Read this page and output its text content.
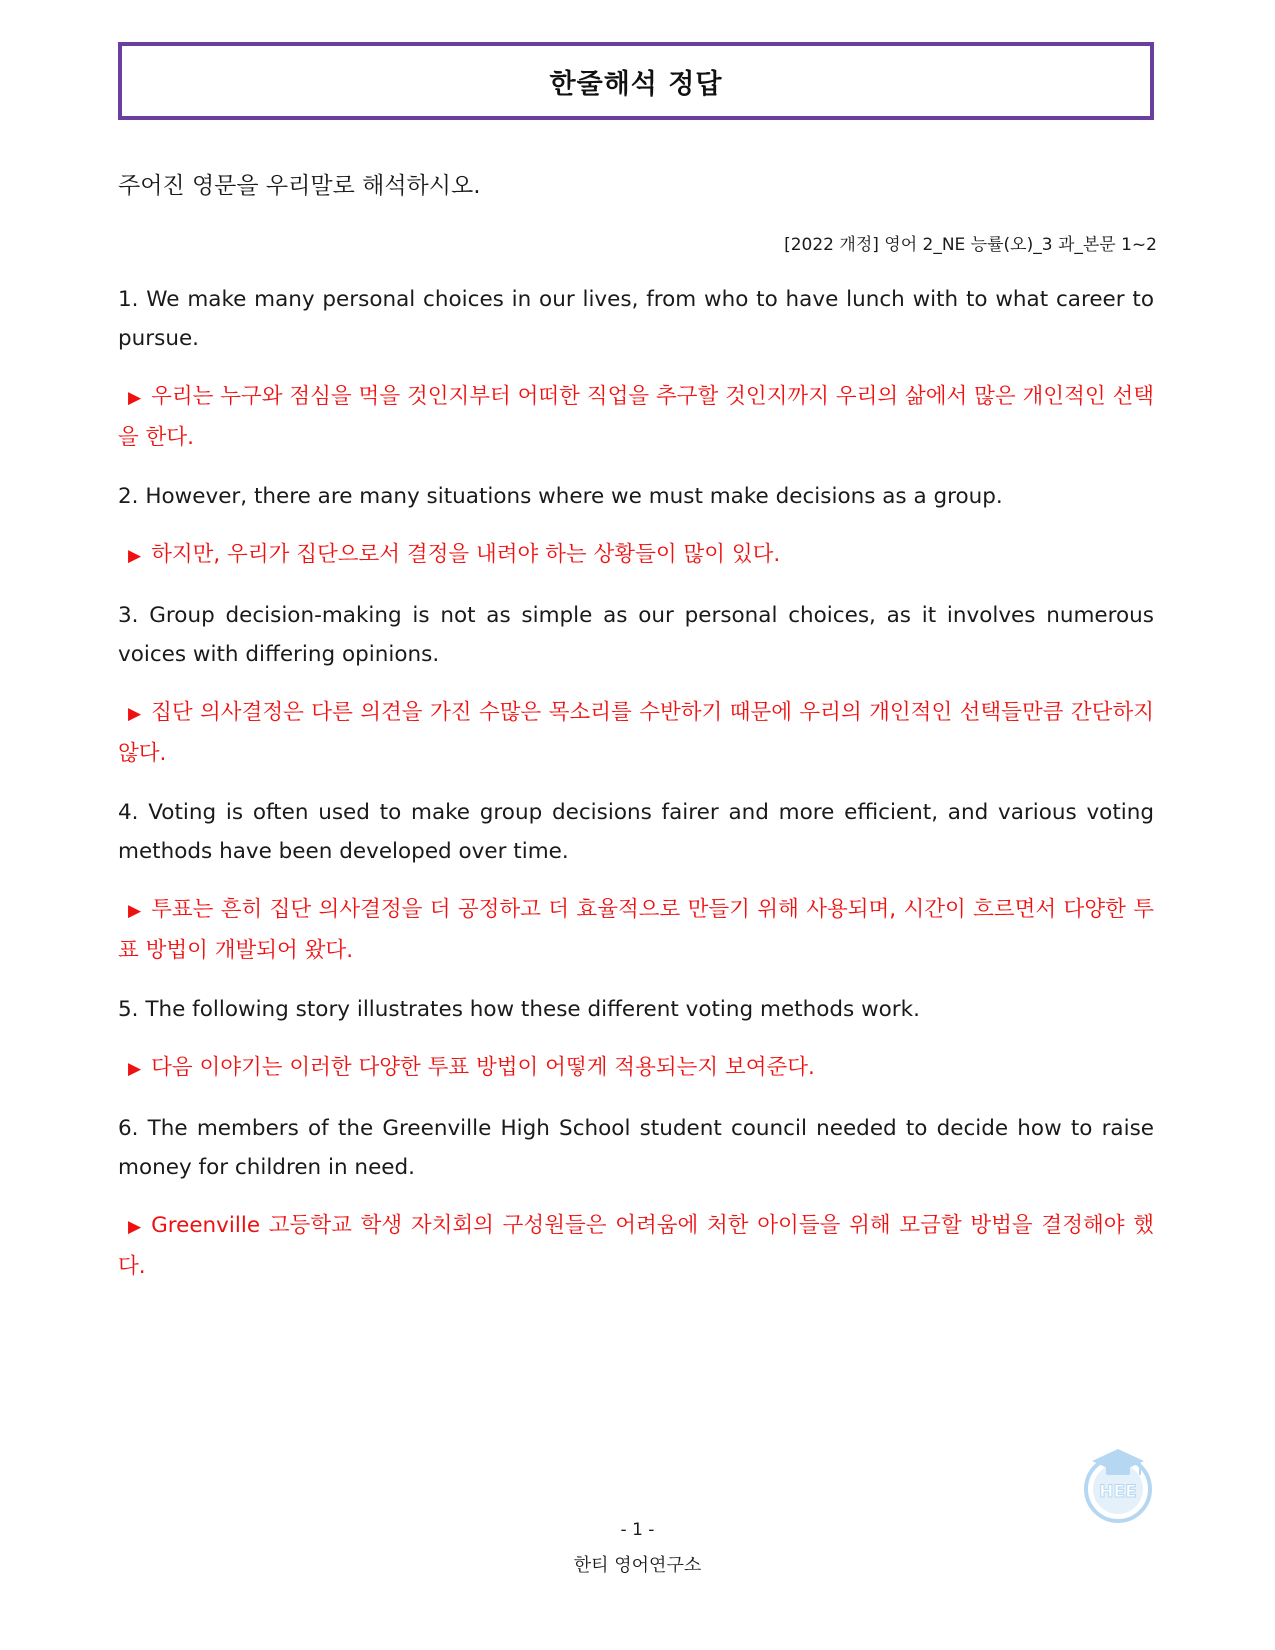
한줄해석 정답
주어진 영문을 우리말로 해석하시오.
[2022 개정] 영어 2_NE 능률(오)_3 과_본문 1~2

1. We make many personal choices in our lives, from who to have lunch with to what career to pursue.

▶ 우리는 누구와 점심을 먹을 것인지부터 어떠한 직업을 추구할 것인지까지 우리의 삶에서 많은 개인적인 선택을 한다.

2. However, there are many situations where we must make decisions as a group.

▶ 하지만, 우리가 집단으로서 결정을 내려야 하는 상황들이 많이 있다.

3. Group decision-making is not as simple as our personal choices, as it involves numerous voices with differing opinions.

▶ 집단 의사결정은 다른 의견을 가진 수많은 목소리를 수반하기 때문에 우리의 개인적인 선택들만큼 간단하지 않다.

4. Voting is often used to make group decisions fairer and more efficient, and various voting methods have been developed over time.

▶ 투표는 흔히 집단 의사결정을 더 공정하고 더 효율적으로 만들기 위해 사용되며, 시간이 흐르면서 다양한 투표 방법이 개발되어 왔다.

5. The following story illustrates how these different voting methods work.

▶ 다음 이야기는 이러한 다양한 투표 방법이 어떻게 적용되는지 보여준다.

6. The members of the Greenville High School student council needed to decide how to raise money for children in need.

▶ Greenville 고등학교 학생 자치회의 구성원들은 어려움에 처한 아이들을 위해 모금할 방법을 결정해야 했다.

HEE
- 1 -
한티 영어연구소
